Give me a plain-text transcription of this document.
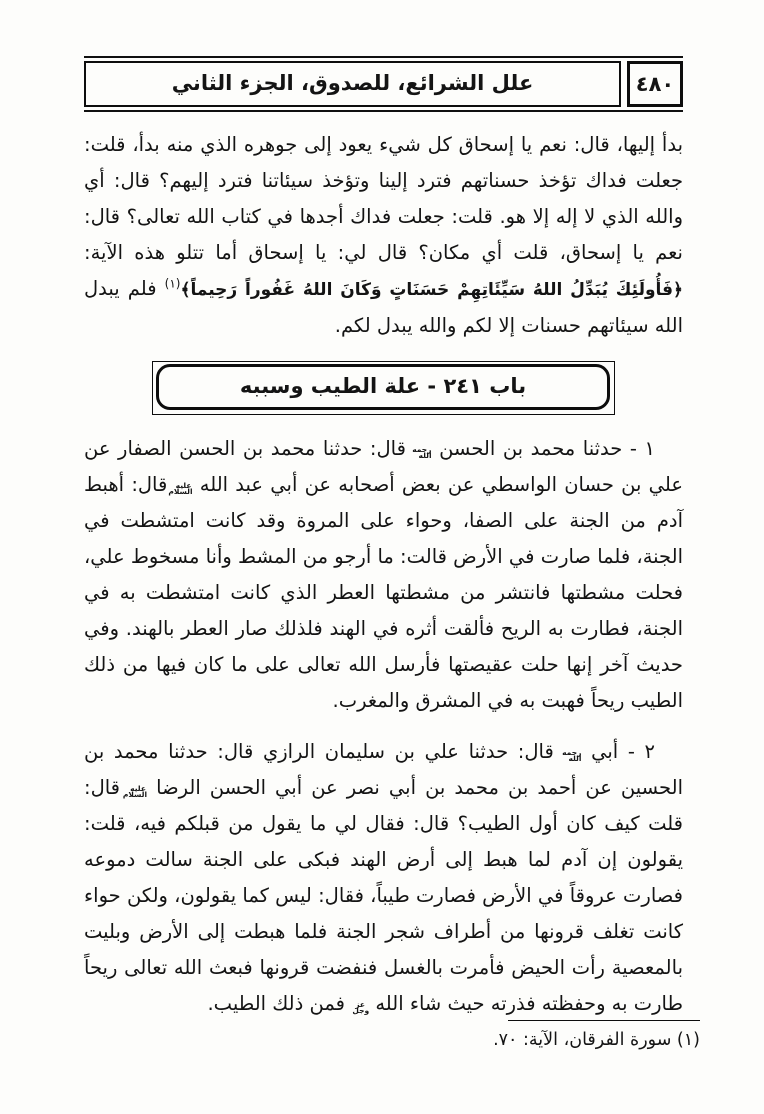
٤٨٠
علل الشرائع، للصدوق، الجزء الثاني

بدأ إليها، قال: نعم يا إسحاق كل شيء يعود إلى جوهره الذي منه بدأ، قلت: جعلت فداك تؤخذ حسناتهم فترد إلينا وتؤخذ سيئاتنا فترد إليهم؟ قال: أي والله الذي لا إله إلا هو. قلت: جعلت فداك أجدها في كتاب الله تعالى؟ قال: نعم يا إسحاق، قلت أي مكان؟ قال لي: يا إسحاق أما تتلو هذه الآية: ﴿فَأُولَئِكَ يُبَدِّلُ اللهُ سَيِّئَاتِهِمْ حَسَنَاتٍ وَكَانَ اللهُ غَفُوراً رَحِيماً﴾$^{(١)}$ فلم يبدل الله سيئاتهم حسنات إلا لكم والله يبدل لكم.

باب ٢٤١ - علة الطيب وسببه

١ - حدثنا محمد بن الحسن رحمه الله قال: حدثنا محمد بن الحسن الصفار عن علي بن حسان الواسطي عن بعض أصحابه عن أبي عبد الله عليه السلام قال: أهبط آدم من الجنة على الصفا، وحواء على المروة وقد كانت امتشطت في الجنة، فلما صارت في الأرض قالت: ما أرجو من المشط وأنا مسخوط علي، فحلت مشطتها فانتشر من مشطتها العطر الذي كانت امتشطت به في الجنة، فطارت به الريح فألقت أثره في الهند فلذلك صار العطر بالهند. وفي حديث آخر إنها حلت عقيصتها فأرسل الله تعالى على ما كان فيها من ذلك الطيب ريحاً فهبت به في المشرق والمغرب.

٢ - أبي رحمه الله قال: حدثنا علي بن سليمان الرازي قال: حدثنا محمد بن الحسين عن أحمد بن محمد بن أبي نصر عن أبي الحسن الرضا عليه السلام قال: قلت كيف كان أول الطيب؟ قال: فقال لي ما يقول من قبلكم فيه، قلت: يقولون إن آدم لما هبط إلى أرض الهند فبكى على الجنة سالت دموعه فصارت عروقاً في الأرض فصارت طيباً، فقال: ليس كما يقولون، ولكن حواء كانت تغلف قرونها من أطراف شجر الجنة فلما هبطت إلى الأرض وبليت بالمعصية رأت الحيض فأمرت بالغسل فنفضت قرونها فبعث الله تعالى ريحاً طارت به وحفظته فذرته حيث شاء الله عز وجل فمن ذلك الطيب.

(١) سورة الفرقان، الآية: ٧٠.
